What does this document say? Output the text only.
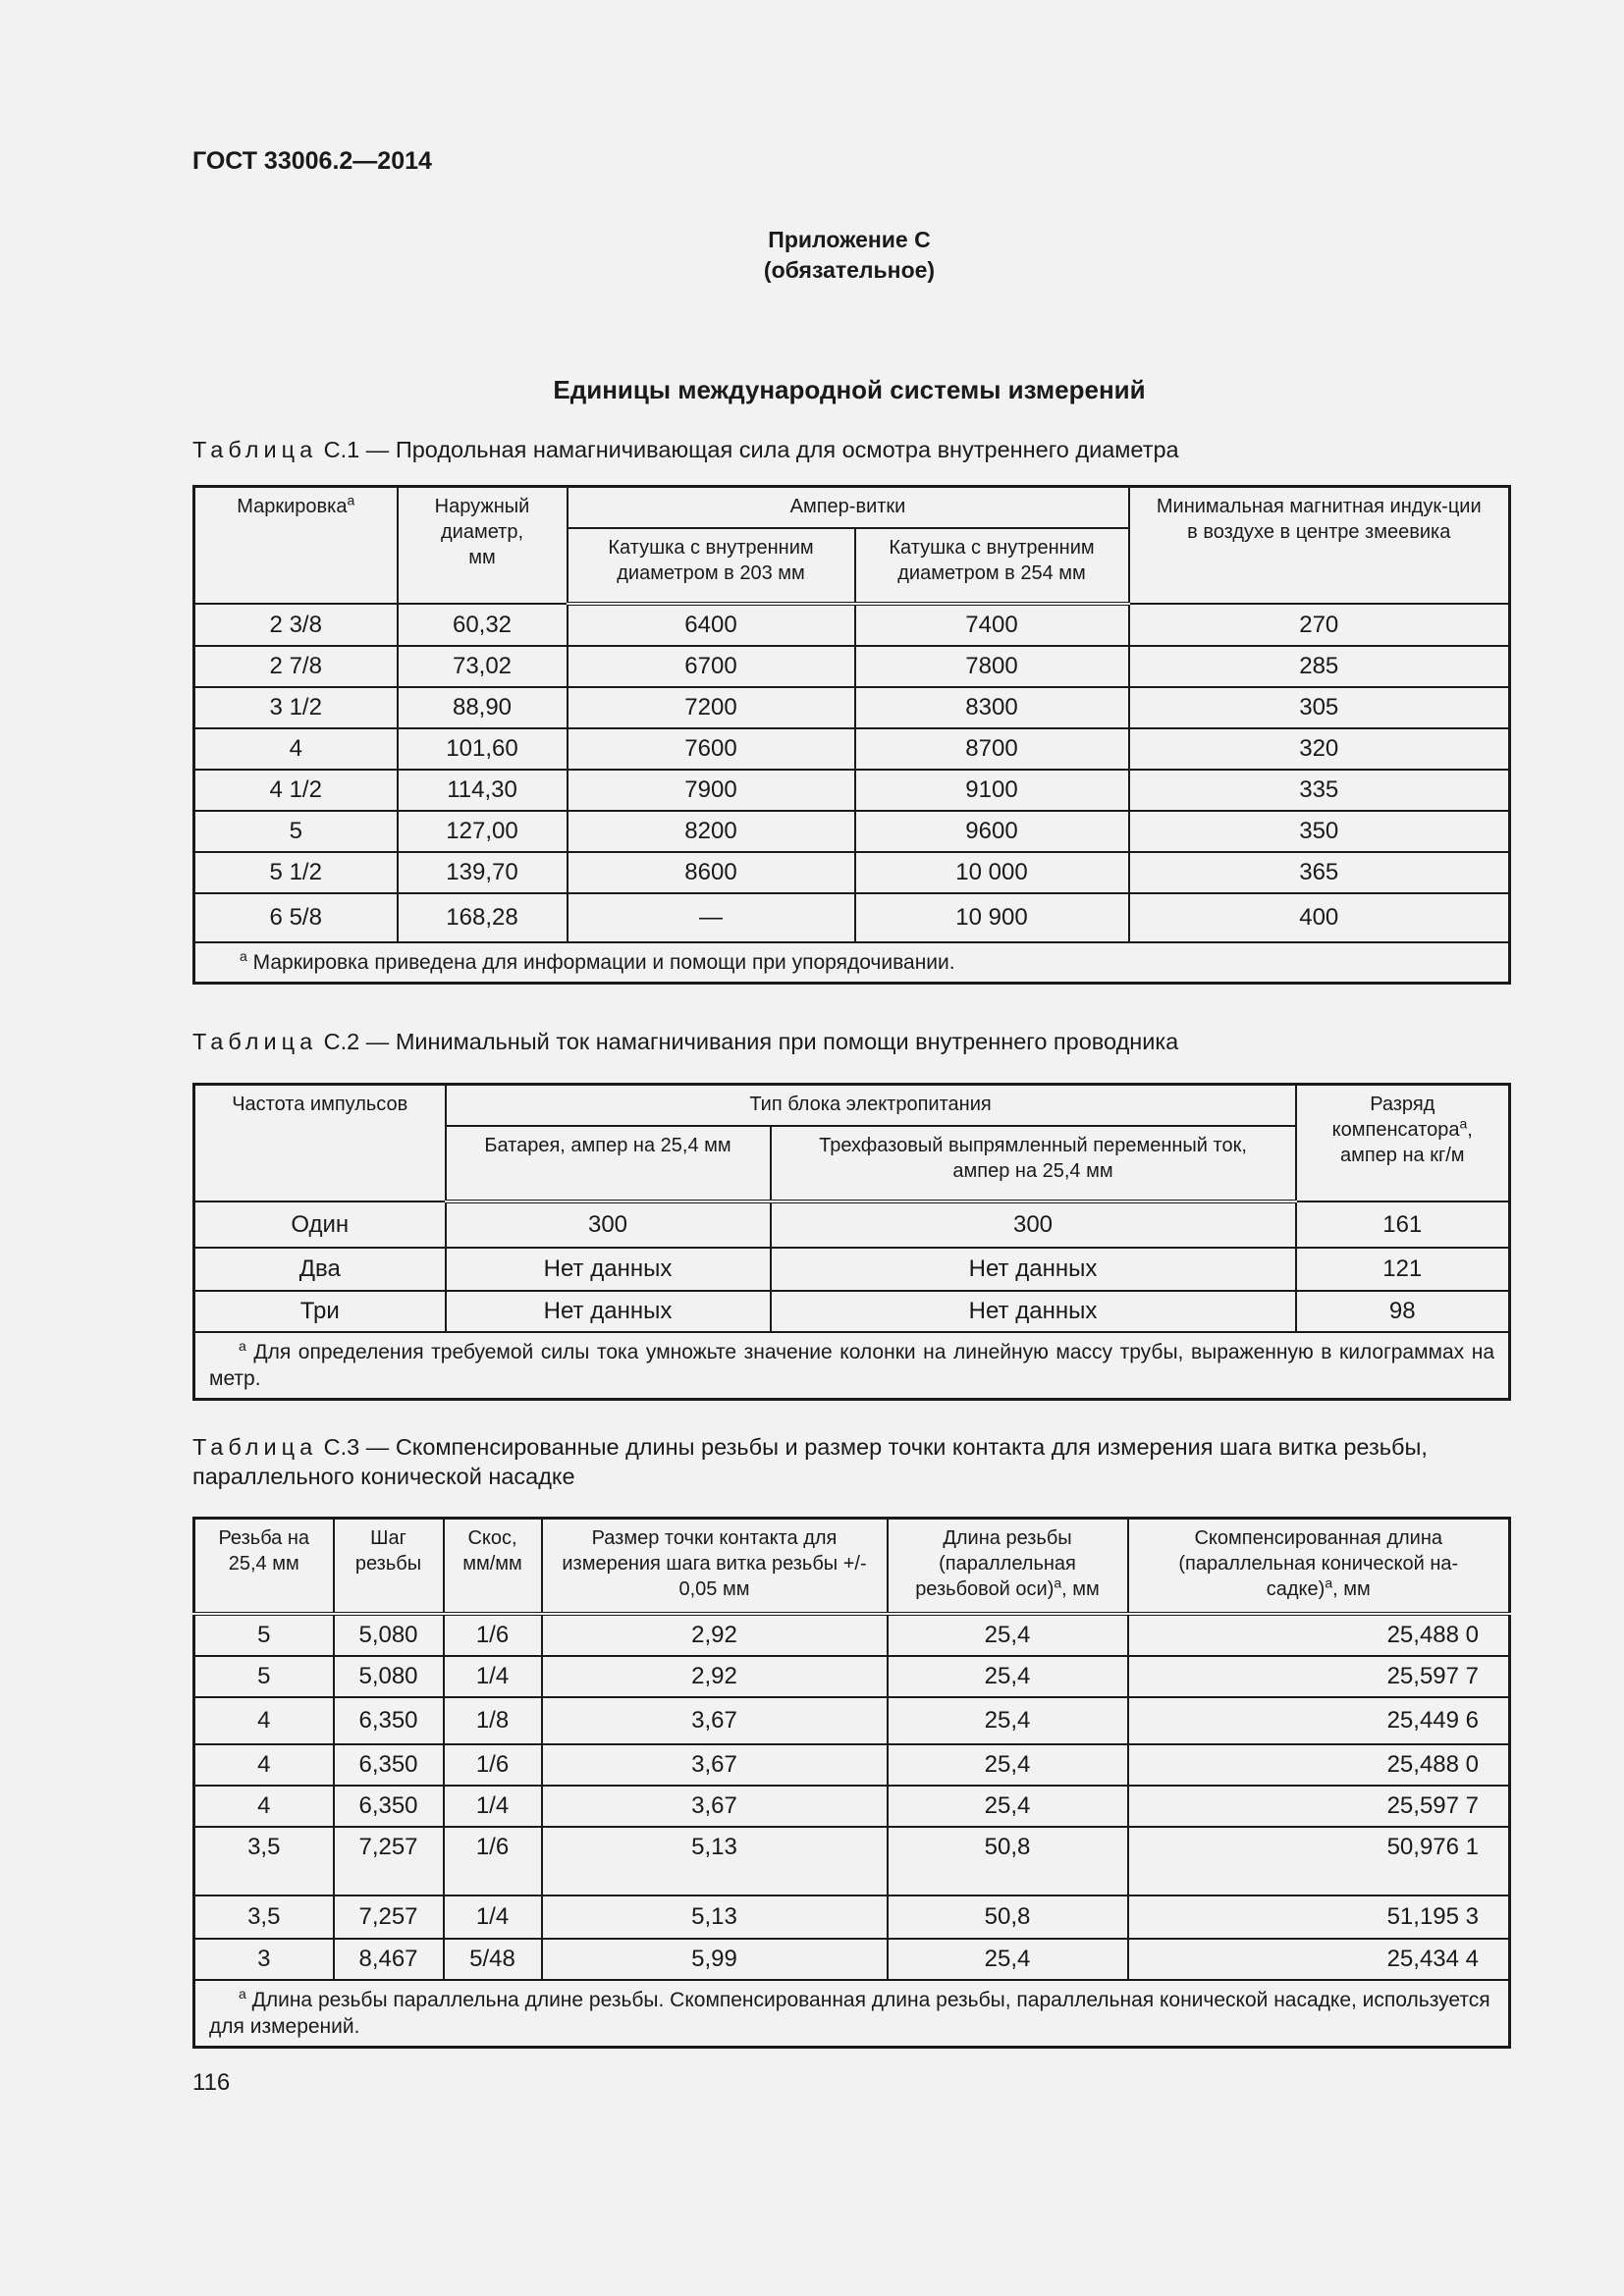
ГОСТ 33006.2—2014
Приложение С
(обязательное)
Единицы международной системы измерений
Таблица С.1 — Продольная намагничивающая сила для осмотра внутреннего диаметра
Маркировка$^a$	Наружный диаметр, мм	Ампер-витки		Минимальная магнитная индук-ции в воздухе в центре змеевика
		Катушка с внутренним диаметром в 203 мм	Катушка с внутренним диаметром в 254 мм	
2 3/8	60,32	6400	7400	270
2 7/8	73,02	6700	7800	285
3 1/2	88,90	7200	8300	305
4	101,60	7600	8700	320
4 1/2	114,30	7900	9100	335
5	127,00	8200	9600	350
5 1/2	139,70	8600	10 000	365
6 5/8	168,28	—	10 900	400
$^a$ Маркировка приведена для информации и помощи при упорядочивании.				
Таблица С.2 — Минимальный ток намагничивания при помощи внутреннего проводника
Частота импульсов	Тип блока электропитания		Разряд компенсатора$^a$, ампер на кг/м
	Батарея, ампер на 25,4 мм	Трехфазовый выпрямленный переменный ток, ампер на 25,4 мм	
Один	300	300	161
Два	Нет данных	Нет данных	121
Три	Нет данных	Нет данных	98
$^a$ Для определения требуемой силы тока умножьте значение колонки на линейную массу трубы, выраженную в килограммах на метр.			
Таблица С.3 — Скомпенсированные длины резьбы и размер точки контакта для измерения шага витка резьбы, параллельного конической насадке
Резьба на 25,4 мм	Шаг резьбы	Скос, мм/мм	Размер точки контакта для измерения шага витка резьбы +/- 0,05 мм	Длина резьбы (параллельная резьбовой оси)$^a$, мм	Скомпенсированная длина (параллельная конической на-садке)$^a$, мм
5	5,080	1/6	2,92	25,4	25,488 0
5	5,080	1/4	2,92	25,4	25,597 7
4	6,350	1/8	3,67	25,4	25,449 6
4	6,350	1/6	3,67	25,4	25,488 0
4	6,350	1/4	3,67	25,4	25,597 7
3,5	7,257	1/6	5,13	50,8	50,976 1
3,5	7,257	1/4	5,13	50,8	51,195 3
3	8,467	5/48	5,99	25,4	25,434 4
$^a$ Длина резьбы параллельна длине резьбы. Скомпенсированная длина резьбы, параллельная конической насадке, используется для измерений.					
116
